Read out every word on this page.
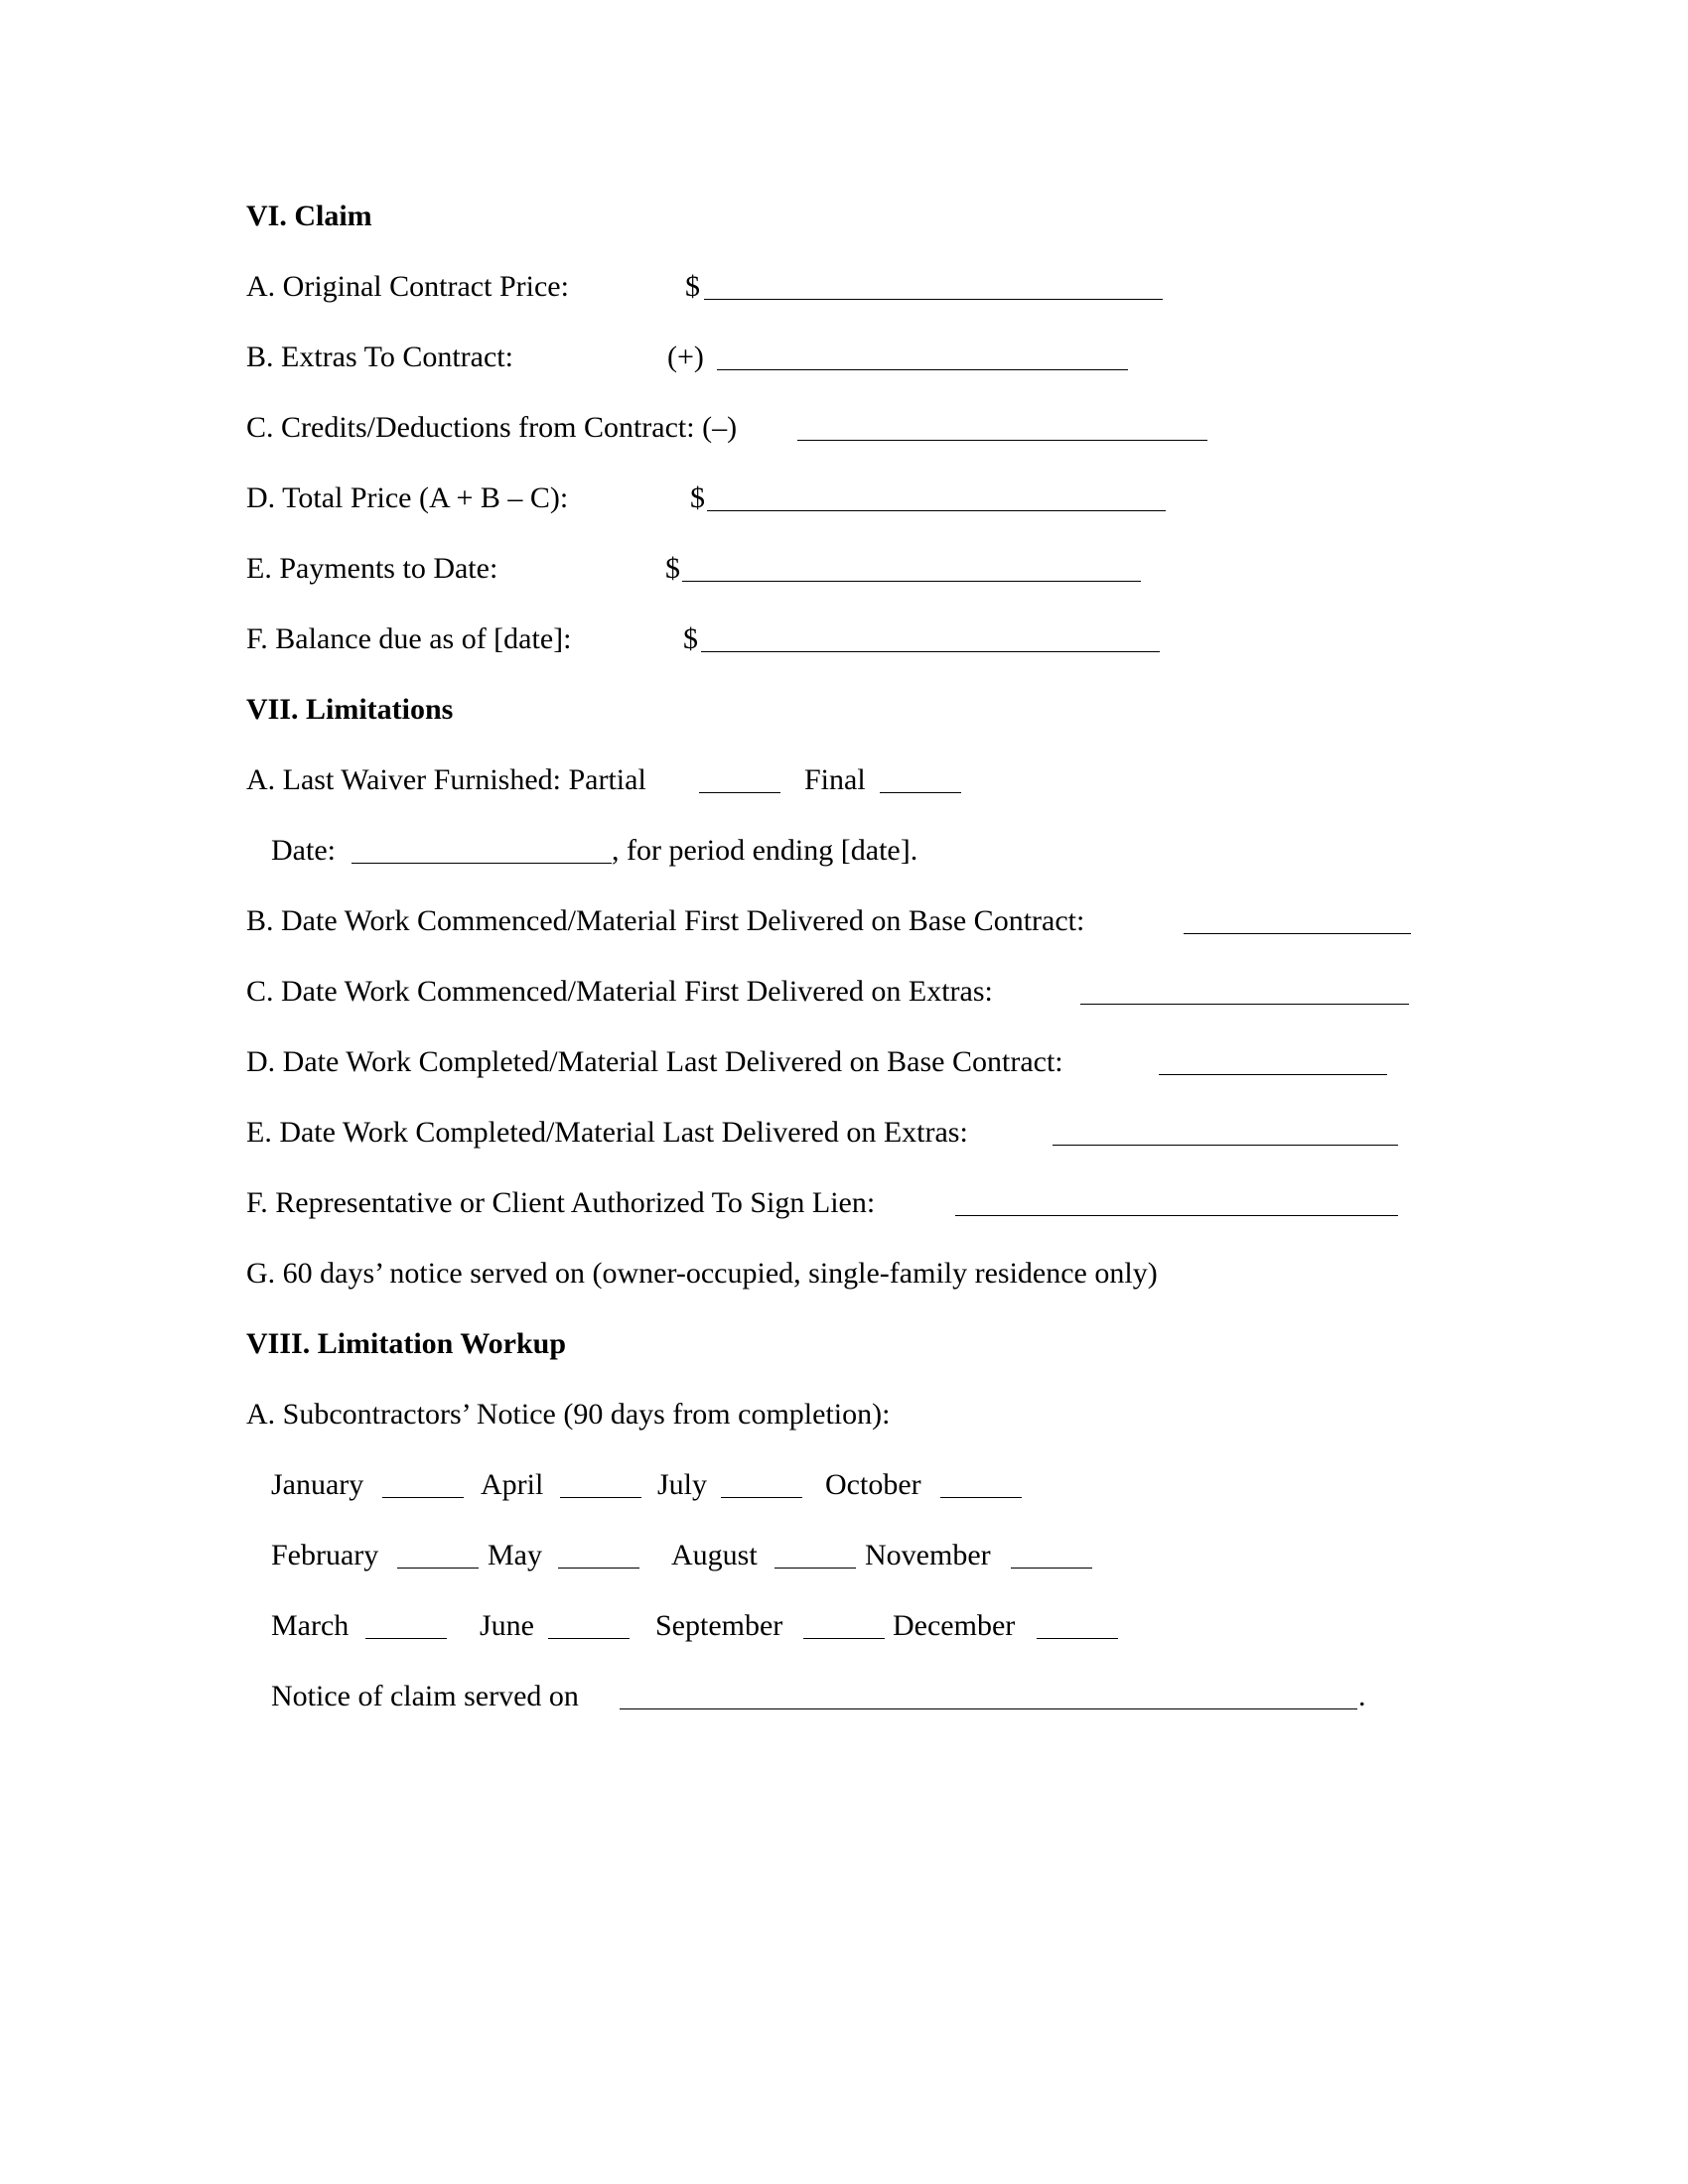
VI. Claim
A. Original Contract Price:	$
B. Extras To Contract:	(+)
C. Credits/Deductions from Contract: (–)
D. Total Price (A + B – C):	$
E. Payments to Date:	$
F. Balance due as of [date]:	$
VII. Limitations
A. Last Waiver Furnished: Partial	Final
Date:	, for period ending [date].
B. Date Work Commenced/Material First Delivered on Base Contract:
C. Date Work Commenced/Material First Delivered on Extras:
D. Date Work Completed/Material Last Delivered on Base Contract:
E. Date Work Completed/Material Last Delivered on Extras:
F. Representative or Client Authorized To Sign Lien:
G. 60 days’ notice served on (owner-occupied, single-family residence only)
VIII. Limitation Workup
A. Subcontractors’ Notice (90 days from completion):
January	April	July	October
February	May	August	November
March	June	September	December
Notice of claim served on	.
